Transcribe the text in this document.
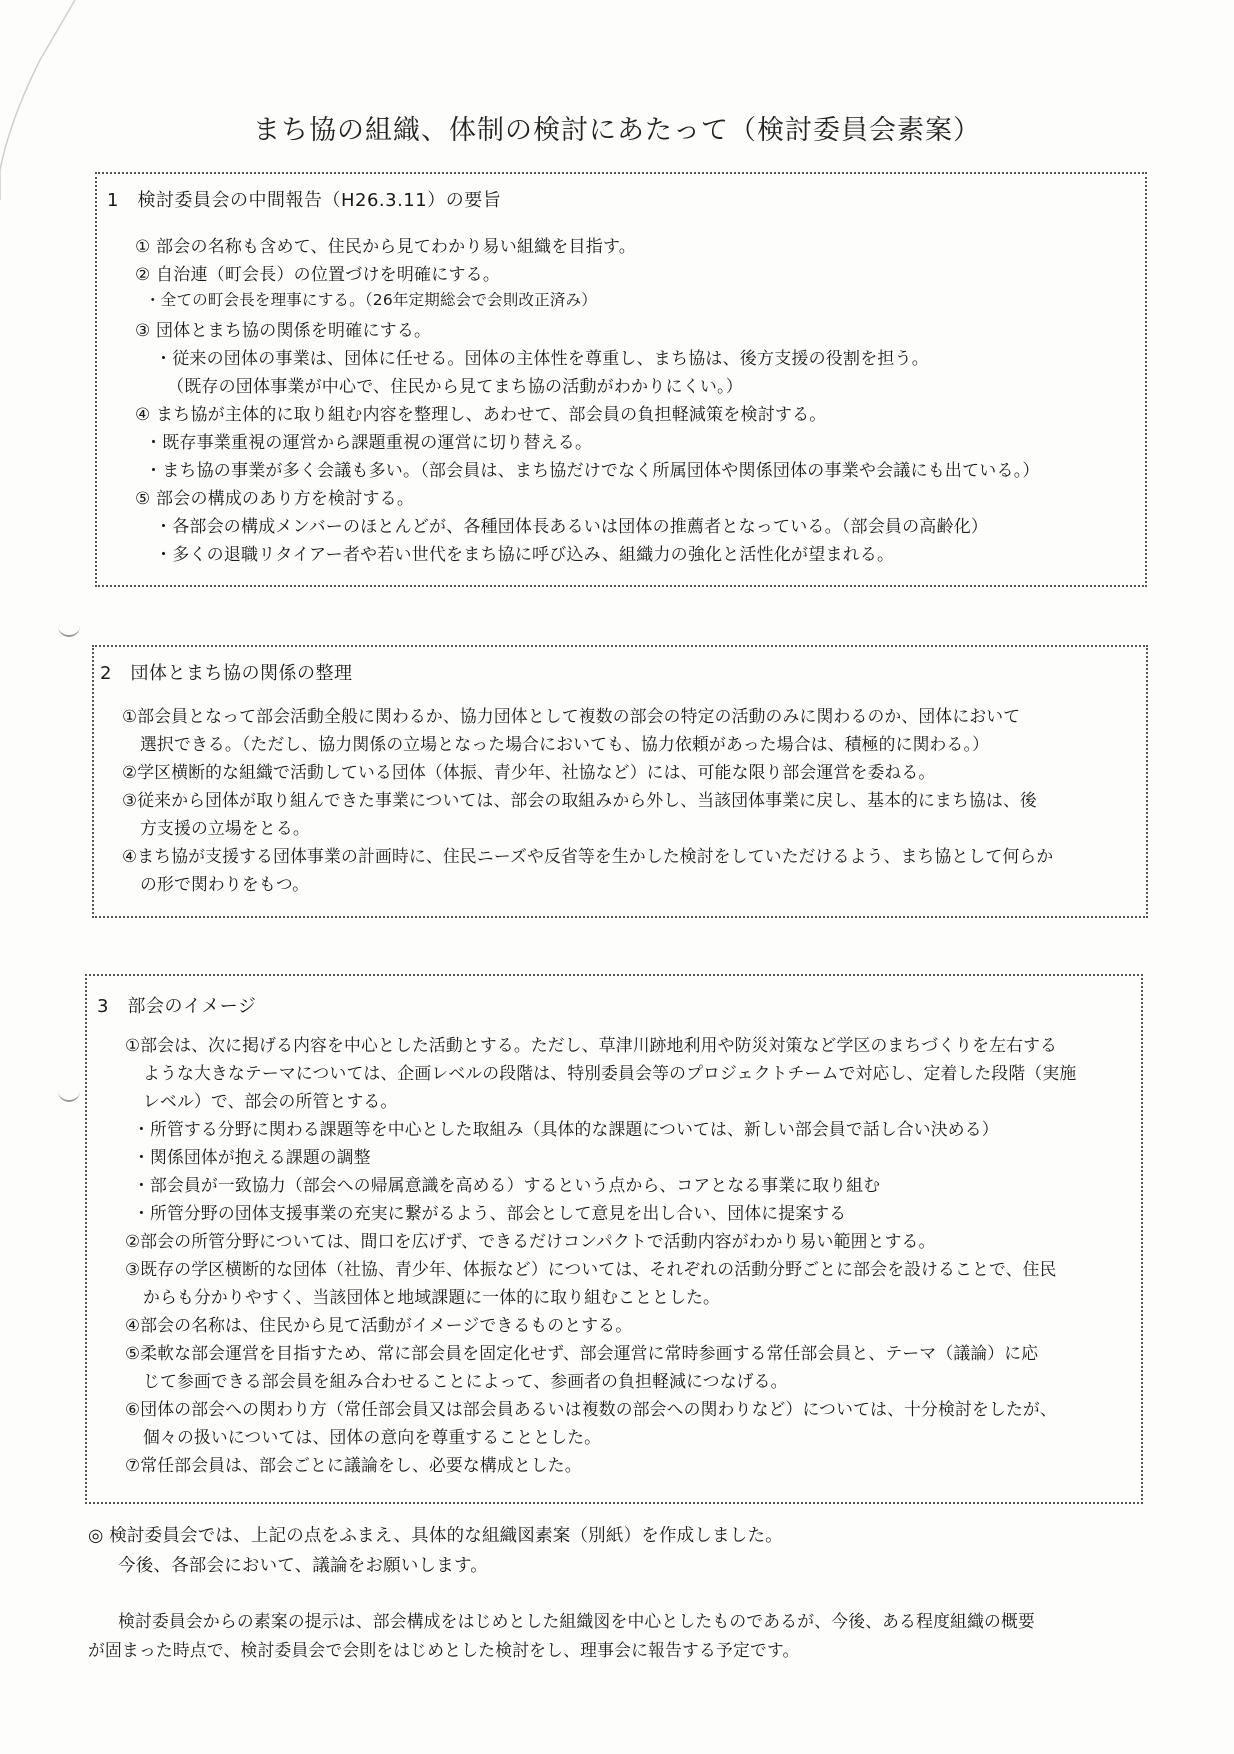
まち協の組織、体制の検討にあたって（検討委員会素案）
1　検討委員会の中間報告（H26.3.11）の要旨
① 部会の名称も含めて、住民から見てわかり易い組織を目指す。
② 自治連（町会長）の位置づけを明確にする。
・全ての町会長を理事にする。（26年定期総会で会則改正済み）
③ 団体とまち協の関係を明確にする。
・従来の団体の事業は、団体に任せる。団体の主体性を尊重し、まち協は、後方支援の役割を担う。
（既存の団体事業が中心で、住民から見てまち協の活動がわかりにくい。）
④ まち協が主体的に取り組む内容を整理し、あわせて、部会員の負担軽減策を検討する。
・既存事業重視の運営から課題重視の運営に切り替える。
・まち協の事業が多く会議も多い。（部会員は、まち協だけでなく所属団体や関係団体の事業や会議にも出ている。）
⑤ 部会の構成のあり方を検討する。
・各部会の構成メンバーのほとんどが、各種団体長あるいは団体の推薦者となっている。（部会員の高齢化）
・多くの退職リタイアー者や若い世代をまち協に呼び込み、組織力の強化と活性化が望まれる。
2　団体とまち協の関係の整理
①部会員となって部会活動全般に関わるか、協力団体として複数の部会の特定の活動のみに関わるのか、団体において
選択できる。（ただし、協力関係の立場となった場合においても、協力依頼があった場合は、積極的に関わる。）
②学区横断的な組織で活動している団体（体振、青少年、社協など）には、可能な限り部会運営を委ねる。
③従来から団体が取り組んできた事業については、部会の取組みから外し、当該団体事業に戻し、基本的にまち協は、後
方支援の立場をとる。
④まち協が支援する団体事業の計画時に、住民ニーズや反省等を生かした検討をしていただけるよう、まち協として何らか
の形で関わりをもつ。
3　部会のイメージ
①部会は、次に掲げる内容を中心とした活動とする。ただし、草津川跡地利用や防災対策など学区のまちづくりを左右する
ような大きなテーマについては、企画レベルの段階は、特別委員会等のプロジェクトチームで対応し、定着した段階（実施
レベル）で、部会の所管とする。
・所管する分野に関わる課題等を中心とした取組み（具体的な課題については、新しい部会員で話し合い決める）
・関係団体が抱える課題の調整
・部会員が一致協力（部会への帰属意識を高める）するという点から、コアとなる事業に取り組む
・所管分野の団体支援事業の充実に繋がるよう、部会として意見を出し合い、団体に提案する
②部会の所管分野については、間口を広げず、できるだけコンパクトで活動内容がわかり易い範囲とする。
③既存の学区横断的な団体（社協、青少年、体振など）については、それぞれの活動分野ごとに部会を設けることで、住民
からも分かりやすく、当該団体と地域課題に一体的に取り組むこととした。
④部会の名称は、住民から見て活動がイメージできるものとする。
⑤柔軟な部会運営を目指すため、常に部会員を固定化せず、部会運営に常時参画する常任部会員と、テーマ（議論）に応
じて参画できる部会員を組み合わせることによって、参画者の負担軽減につなげる。
⑥団体の部会への関わり方（常任部会員又は部会員あるいは複数の部会への関わりなど）については、十分検討をしたが、
個々の扱いについては、団体の意向を尊重することとした。
⑦常任部会員は、部会ごとに議論をし、必要な構成とした。
◎ 検討委員会では、上記の点をふまえ、具体的な組織図素案（別紙）を作成しました。
今後、各部会において、議論をお願いします。
検討委員会からの素案の提示は、部会構成をはじめとした組織図を中心としたものであるが、今後、ある程度組織の概要
が固まった時点で、検討委員会で会則をはじめとした検討をし、理事会に報告する予定です。
